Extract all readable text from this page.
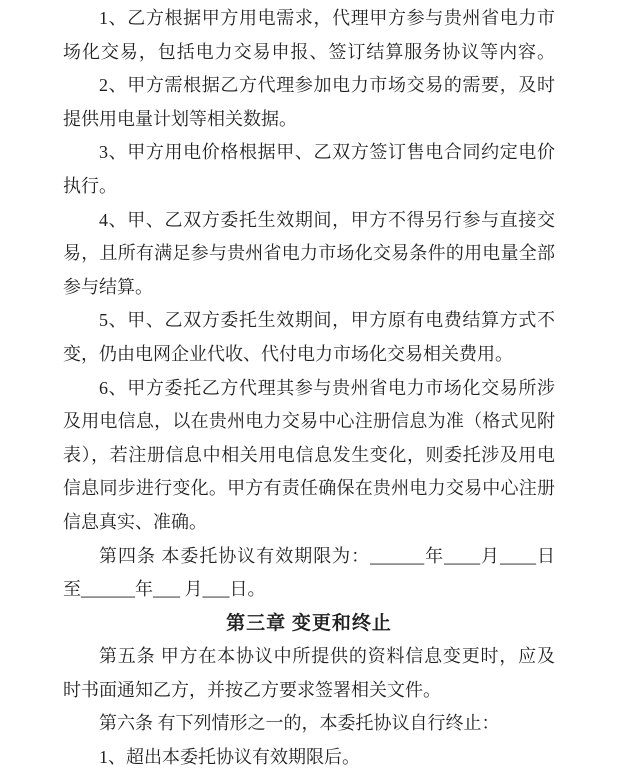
1、乙方根据甲方用电需求，代理甲方参与贵州省电力市
场化交易，包括电力交易申报、签订结算服务协议等内容。
2、甲方需根据乙方代理参加电力市场交易的需要，及时
提供用电量计划等相关数据。
3、甲方用电价格根据甲、乙双方签订售电合同约定电价
执行。
4、甲、乙双方委托生效期间，甲方不得另行参与直接交
易，且所有满足参与贵州省电力市场化交易条件的用电量全部
参与结算。
5、甲、乙双方委托生效期间，甲方原有电费结算方式不
变，仍由电网企业代收、代付电力市场化交易相关费用。
6、甲方委托乙方代理其参与贵州省电力市场化交易所涉
及用电信息，以在贵州电力交易中心注册信息为准（格式见附
表），若注册信息中相关用电信息发生变化，则委托涉及用电
信息同步进行变化。甲方有责任确保在贵州电力交易中心注册
信息真实、准确。
第四条 本委托协议有效期限为：______年____月____日
至______年___ 月___日。
第三章 变更和终止
第五条 甲方在本协议中所提供的资料信息变更时，应及
时书面通知乙方，并按乙方要求签署相关文件。
第六条 有下列情形之一的，本委托协议自行终止：
1、超出本委托协议有效期限后。
